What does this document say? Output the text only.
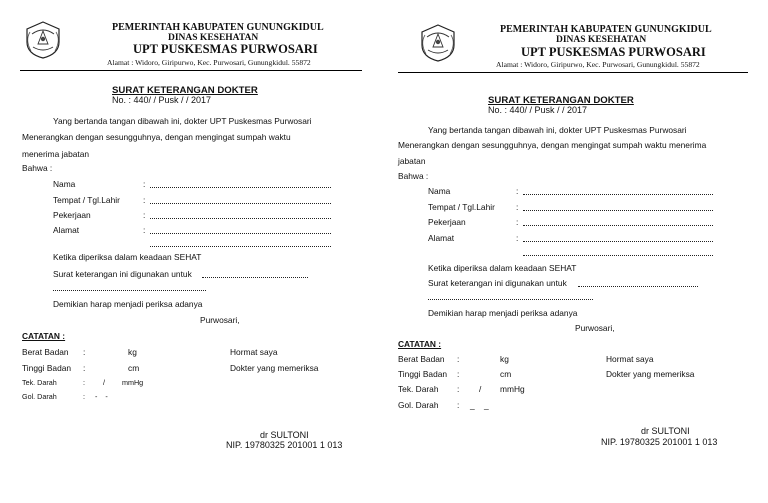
PEMERINTAH KABUPATEN GUNUNGKIDUL
DINAS KESEHATAN
UPT PUSKESMAS PURWOSARI
Alamat : Widoro, Giripurwo, Kec. Purwosari, Gunungkidul. 55872
SURAT KETERANGAN DOKTER
No. : 440/ / Pusk / / 2017
Yang bertanda tangan dibawah ini, dokter UPT Puskesmas Purwosari
Menerangkan dengan sesungguhnya, dengan mengingat sumpah waktu
menerima jabatan
Bahwa :
Nama	:
Tempat / Tgl.Lahir	:
Pekerjaan	:
Alamat	:
Ketika diperiksa dalam keadaan SEHAT
Surat keterangan ini digunakan untuk
Demikian harap menjadi periksa adanya
Purwosari,
CATATAN :
Berat Badan :	kg
Tinggi Badan :	cm
Tek. Darah	:	/ mmHg
Gol. Darah	: -    -
Hormat saya
Dokter yang memeriksa
dr SULTONI
NIP. 19780325 201001 1 013
PEMERINTAH KABUPATEN GUNUNGKIDUL
DINAS KESEHATAN
UPT PUSKESMAS PURWOSARI
Alamat : Widoro, Giripurwo, Kec. Purwosari, Gunungkidul. 55872
SURAT KETERANGAN DOKTER
No. : 440/ / Pusk / / 2017
Yang bertanda tangan dibawah ini, dokter UPT Puskesmas Purwosari
Menerangkan dengan sesungguhnya, dengan mengingat sumpah waktu menerima
jabatan
Bahwa :
Nama	:
Tempat / Tgl.Lahir	:
Pekerjaan	:
Alamat	:
Ketika diperiksa dalam keadaan SEHAT
Surat keterangan ini digunakan untuk
Demikian harap menjadi periksa adanya
Purwosari,
CATATAN :
Berat Badan :	kg
Tinggi Badan :	cm
Tek. Darah : / mmHg
Gol. Darah : _    _
Hormat saya
Dokter yang memeriksa
dr SULTONI
NIP. 19780325 201001 1 013
